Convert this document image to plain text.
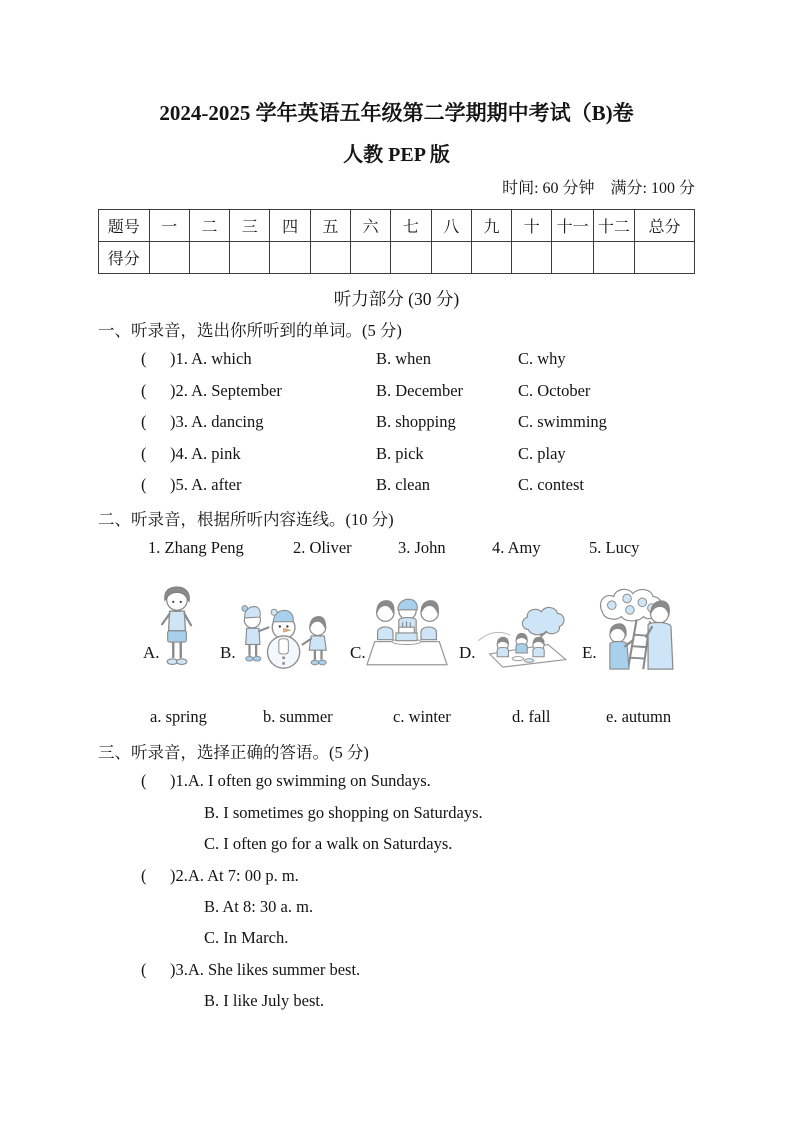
2024-2025 学年英语五年级第二学期期中考试（B)卷
人教 PEP 版
时间: 60 分钟　满分: 100 分
题号	一	二	三	四	五	六	七	八	九	十	十一	十二	总分
得分													
听力部分 (30 分)
一、听录音，选出你所听到的单词。(5 分)
( )1. A. which	B. when	C. why
( )2. A. September	B. December	C. October
( )3. A. dancing	B. shopping	C. swimming
( )4. A. pink	B. pick	C. play
( )5. A. after	B. clean	C. contest
二、听录音，根据所听内容连线。(10 分)
1. Zhang Peng	2. Oliver	3. John	4. Amy	5. Lucy
A.	B.	C.	D.	E.
a. spring	b. summer	c. winter	d. fall	e. autumn
三、听录音，选择正确的答语。(5 分)
( )1.A. I often go swimming on Sundays.
B. I sometimes go shopping on Saturdays.
C. I often go for a walk on Saturdays.
( )2.A. At 7: 00 p. m.
B. At 8: 30 a. m.
C. In March.
( )3.A. She likes summer best.
B. I like July best.
